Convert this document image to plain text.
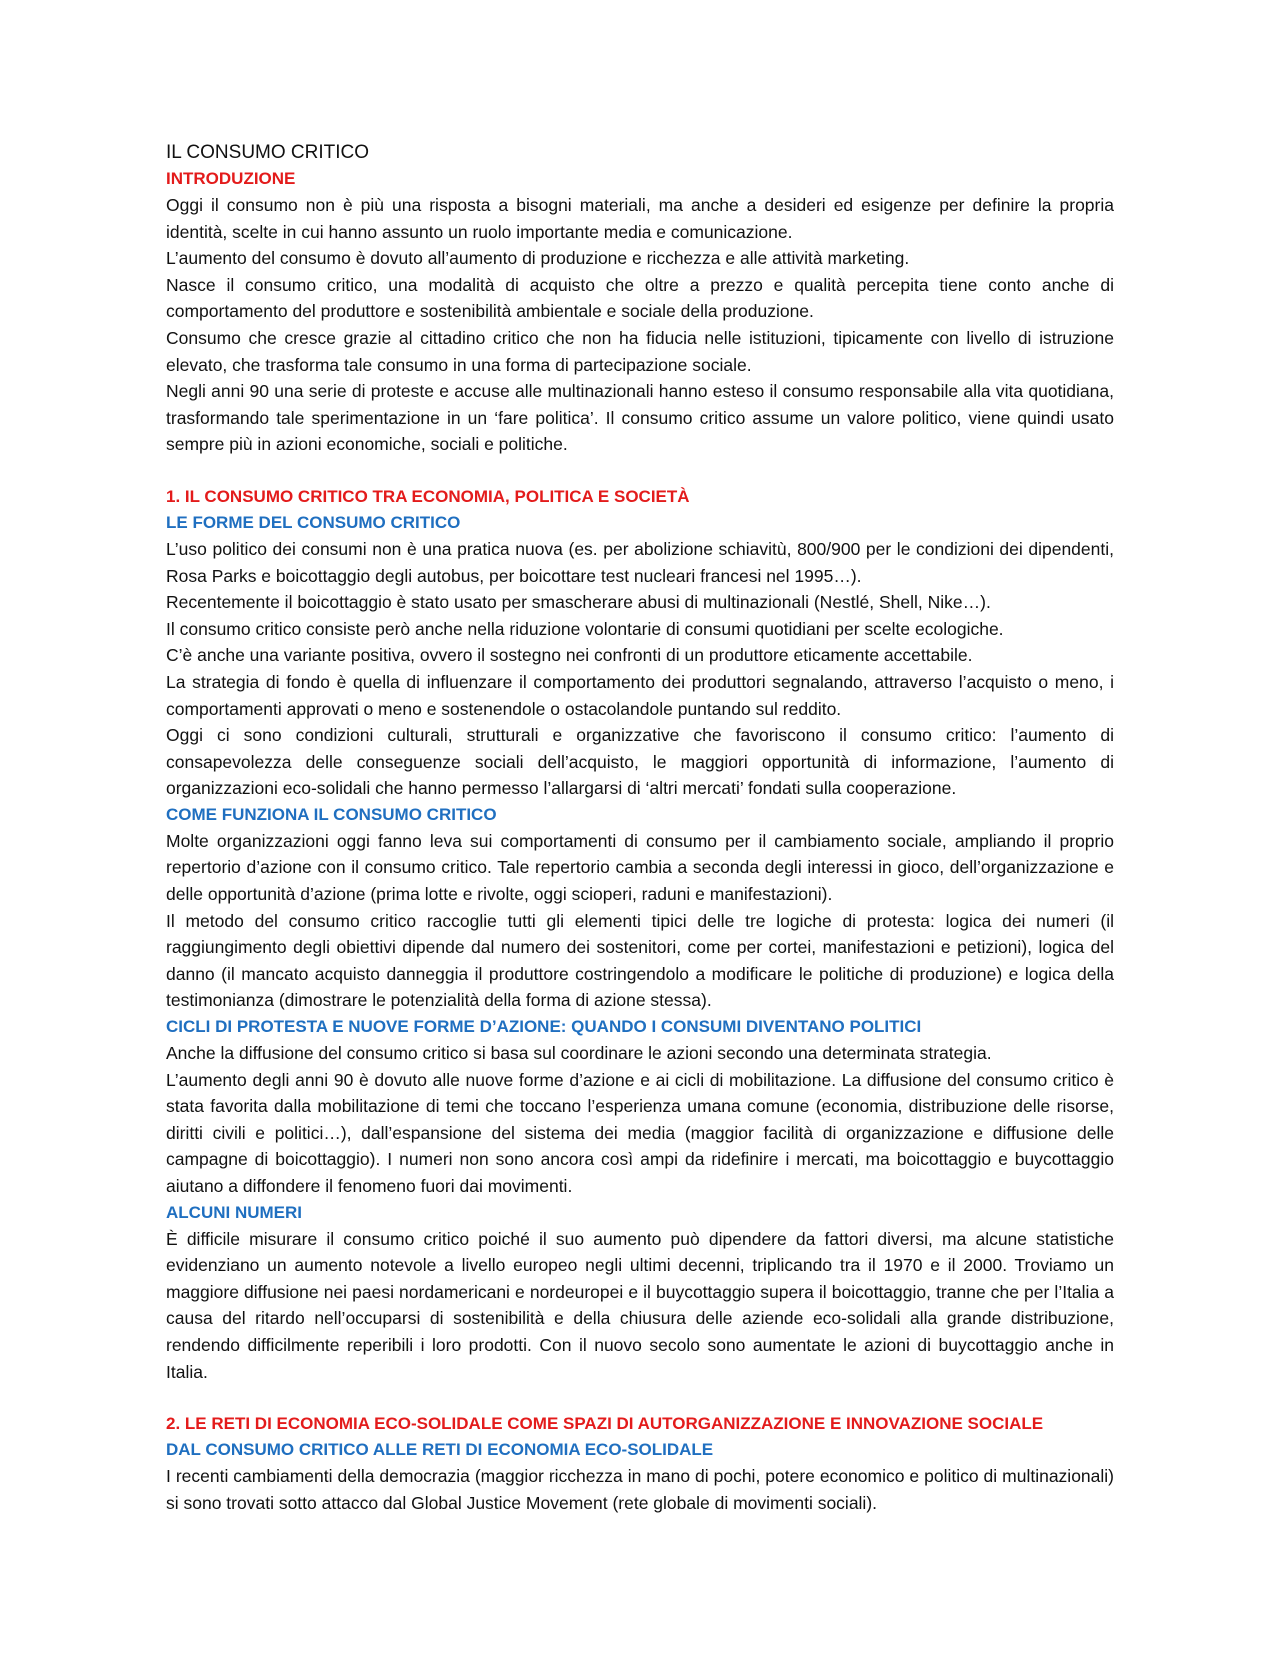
IL CONSUMO CRITICO
INTRODUZIONE

Oggi il consumo non è più una risposta a bisogni materiali, ma anche a desideri ed esigenze per definire la propria identità, scelte in cui hanno assunto un ruolo importante media e comunicazione.

L’aumento del consumo è dovuto all’aumento di produzione e ricchezza e alle attività marketing.

Nasce il consumo critico, una modalità di acquisto che oltre a prezzo e qualità percepita tiene conto anche di comportamento del produttore e sostenibilità ambientale e sociale della produzione.

Consumo che cresce grazie al cittadino critico che non ha fiducia nelle istituzioni, tipicamente con livello di istruzione elevato, che trasforma tale consumo in una forma di partecipazione sociale.

Negli anni 90 una serie di proteste e accuse alle multinazionali hanno esteso il consumo responsabile alla vita quotidiana, trasformando tale sperimentazione in un ‘fare politica’. Il consumo critico assume un valore politico, viene quindi usato sempre più in azioni economiche, sociali e politiche.

1. IL CONSUMO CRITICO TRA ECONOMIA, POLITICA E SOCIETÀ
LE FORME DEL CONSUMO CRITICO

L’uso politico dei consumi non è una pratica nuova (es. per abolizione schiavitù, 800/900 per le condizioni dei dipendenti, Rosa Parks e boicottaggio degli autobus, per boicottare test nucleari francesi nel 1995…).

Recentemente il boicottaggio è stato usato per smascherare abusi di multinazionali (Nestlé, Shell, Nike…).

Il consumo critico consiste però anche nella riduzione volontarie di consumi quotidiani per scelte ecologiche.

C’è anche una variante positiva, ovvero il sostegno nei confronti di un produttore eticamente accettabile.

La strategia di fondo è quella di influenzare il comportamento dei produttori segnalando, attraverso l’acquisto o meno, i comportamenti approvati o meno e sostenendole o ostacolandole puntando sul reddito.

Oggi ci sono condizioni culturali, strutturali e organizzative che favoriscono il consumo critico: l’aumento di consapevolezza delle conseguenze sociali dell’acquisto, le maggiori opportunità di informazione, l’aumento di organizzazioni eco-solidali che hanno permesso l’allargarsi di ‘altri mercati’ fondati sulla cooperazione.

COME FUNZIONA IL CONSUMO CRITICO

Molte organizzazioni oggi fanno leva sui comportamenti di consumo per il cambiamento sociale, ampliando il proprio repertorio d’azione con il consumo critico. Tale repertorio cambia a seconda degli interessi in gioco, dell’organizzazione e delle opportunità d’azione (prima lotte e rivolte, oggi scioperi, raduni e manifestazioni).

Il metodo del consumo critico raccoglie tutti gli elementi tipici delle tre logiche di protesta: logica dei numeri (il raggiungimento degli obiettivi dipende dal numero dei sostenitori, come per cortei, manifestazioni e petizioni), logica del danno (il mancato acquisto danneggia il produttore costringendolo a modificare le politiche di produzione) e logica della testimonianza (dimostrare le potenzialità della forma di azione stessa).

CICLI DI PROTESTA E NUOVE FORME D’AZIONE: QUANDO I CONSUMI DIVENTANO POLITICI

Anche la diffusione del consumo critico si basa sul coordinare le azioni secondo una determinata strategia.

L’aumento degli anni 90 è dovuto alle nuove forme d’azione e ai cicli di mobilitazione. La diffusione del consumo critico è stata favorita dalla mobilitazione di temi che toccano l’esperienza umana comune (economia, distribuzione delle risorse, diritti civili e politici…), dall’espansione del sistema dei media (maggior facilità di organizzazione e diffusione delle campagne di boicottaggio). I numeri non sono ancora così ampi da ridefinire i mercati, ma boicottaggio e buycottaggio aiutano a diffondere il fenomeno fuori dai movimenti.

ALCUNI NUMERI

È difficile misurare il consumo critico poiché il suo aumento può dipendere da fattori diversi, ma alcune statistiche evidenziano un aumento notevole a livello europeo negli ultimi decenni, triplicando tra il 1970 e il 2000. Troviamo un maggiore diffusione nei paesi nordamericani e nordeuropei e il buycottaggio supera il boicottaggio, tranne che per l’Italia a causa del ritardo nell’occuparsi di sostenibilità e della chiusura delle aziende eco-solidali alla grande distribuzione, rendendo difficilmente reperibili i loro prodotti. Con il nuovo secolo sono aumentate le azioni di buycottaggio anche in Italia.

2. LE RETI DI ECONOMIA ECO-SOLIDALE COME SPAZI DI AUTORGANIZZAZIONE E INNOVAZIONE SOCIALE
DAL CONSUMO CRITICO ALLE RETI DI ECONOMIA ECO-SOLIDALE

I recenti cambiamenti della democrazia (maggior ricchezza in mano di pochi, potere economico e politico di multinazionali) si sono trovati sotto attacco dal Global Justice Movement (rete globale di movimenti sociali).
